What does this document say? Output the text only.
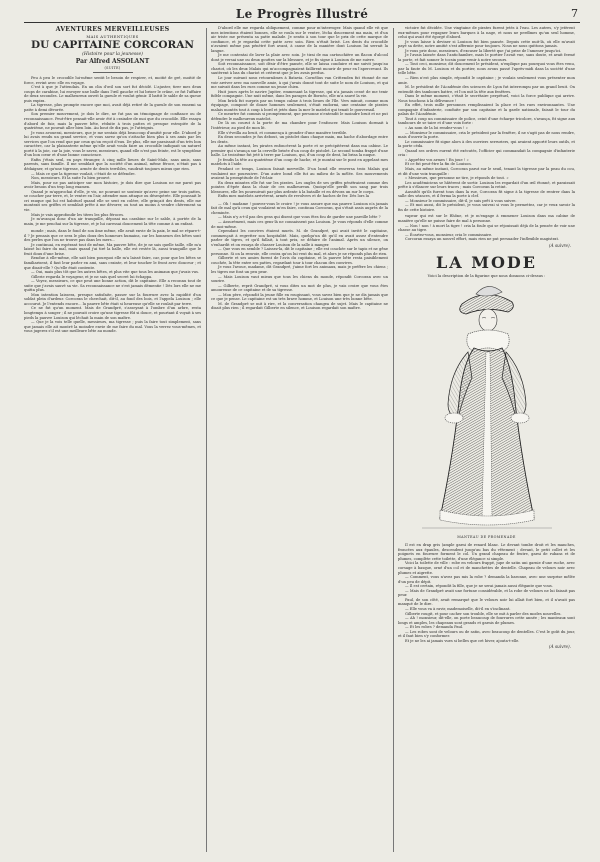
Le Progrès Illustré	7
AVENTURES MERVEILLEUSES
MAIS AUTHENTIQUES
DU CAPITAINE CORCORAN
(Histoire pour la jeunesse)
Par Alfred ASSOLANT
(SUITE)

Peu à peu le crocodile lui-même sentit le besoin de respirer, et, moitié de gré, moitié de force, revint avec elle en voyage.

C'est à que je l'attendais. En un clin d'œil son sort fut décidé. L'ajuster, tirer mes deux coups de carabine, lui envoyer une balle dans l'œil gauche et lui briser le crâne, ce fut l'affaire de deux secondes. Le malheureux ouvrit la gueule et voulut gémir. Il battit le sable de sa queue puis expira.

La tigresse, plus prompte encore que moi, avait déjà retiré de la gueule de son ennemi sa patte à demi dévorée.

Son premier mouvement, je dois le dire, ne fut pas un témoignage de confiance ou de reconnaissance. Peut-être pensait-elle avoir été à craindre de moi que du crocodile. Elle essaya d'abord de fuir, mais la pauvre bête, réduite à trois pattes et presque estropiée de la quatrième, ne pouvait aller bien loin. Au bout de dix pas, je l'atteignis.

Je vous avouerai, messieurs, que je me sentais déjà beaucoup d'amitié pour elle. D'abord je lui avais rendu un grand service, et vous savez qu'on s'attache bien plus à ses amis par les services que l'on rend que par ceux qu'on reçoit d'eux. De plus, elle me paraissait d'un très bon caractère, car la plaisanterie même qu'elle avait voulu faire au crocodile indiquait un naturel porté à la joie, car la joie, vous le savez, messieurs, quand elle n'est pas feinte, est le symptôme d'un bon cœur et d'une bonne conscience.

Enfin j'étais seul, en pays étranger, à cinq mille lieues de Saint-Malo, sans amis, sans parents, sans famille. Il me semblait que la société d'un animal, même féroce, n'était pas à dédaigner, et qu'une tigresse, armée de dents terribles, vaudrait toujours mieux que rien.

— Mais ce que la tigresse voulait, c'était de se défendre.

Non, messieurs. Et la suite l'a bien prouvé.

Mais, pour ne pas anticiper sur mon histoire, je dois dire que Louison ne me parut pas avoir besoin d'un trop long examen.

Quand je m'approchai d'elle, je vis, ne pouvant se soutenir qu'avec peine sur trois pattes, se coucher par terre, et, le ventre en l'air, attendre mon attaque ou désespérée. Elle poussait le cri rauque qui lui est habituel quand elle se sent en colère, elle grinçait des dents, elle me montrait ses griffes et semblait prête à me dévorer, ou tout au moins à vendre chèrement sa vie.

Mais je vais approfondir les titres les plus féroces.

Je m'avançai donc d'un air tranquille, déposai ma carabine sur le sable, à portée de la main, je me penchai sur la tigresse, et je lui caressai doucement la tête comme à un enfant.

monde ; mais, dans le fond de son âme même, elle avait envie de la paix, le mal se répare-t-il ? Je pensais que ce sera le plus doux des honneurs humains, car les honneurs des bêtes sont des perles que l'on ne trouve pas dans les mers...

Je continuai, en espérant tout de même, Ma pauvre bête, de je ne sais quelle taille, elle m'a laissé lui faire du mal, mais quand j'ai tiré la balle, elle est restée là, aussi tranquille que le fruit doux d'une brise.

Rendue à elle-même, elle sait bien pourquoi elle m'a laissé faire, car, pour que les bêtes se familiarisent, il faut leur parler en ami, sans crainte, et leur toucher le front avec douceur ; et que disait-elle ? Qu'elle était contente.

— Oui, mais plus tôt que les autres bêtes, et plus vite que tous les animaux que j'avais vus.

Gillerie regarda le voyageur, et je ne sais quel secret lui échappa.

— Voyez, messieurs, ce que peut une bonne action, dit le capitaine. Elle a reconnu tout de suite que j'avais sauvé sa vie. Sa reconnaissance ne s'est jamais démentie ! Dès lors elle ne me quitta plus.

Mon intention laissera, presque satisfaite, passer sur la fourrure avec la rapidité d'un soldat plein d'ardeur. Corcoran le cherchait, dit-il, au fond des bois, et l'appela Louison ; elle accourut. Je l'entends encore... la pauvre bête était si heureuse qu'elle se roulait par terre.

Ce ne fut qu'un moment. Mais de Grandpré, s'asseyant à l'ombre d'un arbre, resta longtemps à songer ; il ne pouvait croire qu'une tigresse fût si douce, et pourtant il voyait à ses pieds la pauvre Louison qui léchait la main de son maître.

— Que je la vois telle quelle, messieurs, ma tigresse ; puis la faire tout simplement, sans que jamais elle ait montré la moindre envie de me faire du mal. Vous la verrez vous-mêmes, et vous jugerez s'il est une meilleure bête au monde.

D'abord elle me regarda obliquement, comme pour m'interroger. Mais quand elle vit que mes intentions étaient bonnes, elle se roula sur le ventre, lécha doucement ma main, et d'un air triste me présenta sa patte malade. Je sentis à son tour que le prix de cette marque de confiance, et je regardai cette patte avec soin. Rien n'était brisé. Les dents du crocodile n'avaient même pas pénétré fort avant, à cause de la manière dont Louison lui serrait la langue.

Je me contentai de laver la plaie avec soin. Je tirai de ma cartouchière un flacon d'alcool dont je versai une ou deux gouttes sur la blessure, et je fis signe à Louison de me suivre.

Soit reconnaissance, soit désir d'être pansée, elle se laissa conduire et me suivit jusqu'au chariot, où les deux Malais qui m'accompagnaient faillirent mourir de peur en l'apercevant. Ils sautèrent à bas du chariot et crièrent que je les avais perdus.

Le jour suivant nous retournâmes à Batavia. Cornélius van Crittenden fut étonné de me voir arriver avec ma nouvelle amie, à qui j'avais donné tout de suite le nom de Louison, et qui me suivait dans les rues comme un jeune chien.

Huit jours après le navire Jupiter, emmenant la tigresse, qui n'a jamais cessé de me tenir fidèle compagnie. Une nuit même, dans les parages de Bornéo, elle m'a sauvé la vie.

Mon brick fut surpris par un temps calme à trois lieues de l'île. Vers minuit, comme mon équipage, composé de douze hommes seulement, s'était endormi, une centaine de pirates malais montés tout à coup à bord et jetés dans la mer le matelot qui tenait le gouvernail.

Ce meurtre fut commis si promptement, que personne n'entendit le moindre bruit et ne put défendre le malheureux matelot.

De là on courut à la porte de ma chambre pour l'enfoncer. Mais Louison dormait à l'intérieur, au pied de mon lit.

Elle s'éveilla au bruit, et commença à gronder d'une manière terrible.

En deux secondes je fus debout, un pistolet dans chaque main, ma hache d'abordage entre les dents.

Au même instant, les pirates enfoncèrent la porte et se précipitèrent dans ma cabine. Le premier qui s'avança sur la cervelle brisée d'un coup de pistolet. Le second tomba frappé d'une balle. Le troisième fut jeté à terre par Louison, qui, d'un coup de dent, lui brisa la nuque.

Je fendis la tête au quatrième d'un coup de hache, et je montai sur le pont en appelant mes matelots à l'aide.

Pendant ce temps, Louison faisait merveille. D'un bond elle renversa trois Malais qui voulaient me poursuivre. D'un autre bond elle fut au milieu de la mêlée. Ses mouvements avaient la promptitude de l'éclair.

En deux minutes elle fut sur les pirates. Les ongles de ses griffes pénétraient comme des pointes d'épée dans la chair de ces malheureux. Quoiqu'elle perdît son sang par trois blessures, elle les poursuivait par plus ardente à la bataille et en dévora un sur le corps.

Enfin mes matelots arrivèrent, armés de revolvers et de haches de fer. Dès lors la

— Oh ! madame ! pouvez-vous le croire ! je vous assure que ma pauvre Louison n'a jamais fait de mal qu'à ceux qui voulaient m'en faire, continua Corcoran, qui s'était assis auprès de la cheminée.

— Mais n'y a-t-il pas des gens qui disent que vous êtes fou de garder une pareille bête ?

— Assurément, mais ces gens-là ne connaissent pas Louison. Je vous réponds d'elle comme de moi-même.

Cependant les convives étaient muets. M. de Grandpré, qui avait invité le capitaine, commençait à regretter son hospitalité. Mais, quelqu'un dit qu'il en avait assez d'entendre parler de tigres, et qu'il fallait, à tout prix, se défaire de l'animal. Après un silence, on s'enhardit et on essaya de chasser Louison de la salle à manger.

— Que vous en semble ? Laissez-la, dit le capitaine ; elle est couchée sur le tapis et ne gêne personne. Si on la renvoie, elle croira qu'on lui veut du mal, et alors je ne réponds plus de rien.

Gilberte et ses amies furent de l'avis du capitaine, et la pauvre bête resta paisiblement couchée, la tête entre ses pattes, regardant tour à tour chacun des convives.

Je vous l'avoue, madame, dit Grandpré, j'aime fort les animaux, mais je préfère les chiens ; les tigres me font un peu peur.

— Mais Louison vaut mieux que tous les chiens du monde, répondit Corcoran avec un sourire.

— Gilberte, reprit Grandpré, si vous dites un mot de plus, je vais croire que vous êtes amoureuse de ce capitaine et de sa tigresse.

— Mon père, répondit la jeune fille en rougissant, vous savez bien que je ne dis jamais que ce que je pense. Le capitaine est un très brave homme, et Louison une très bonne bête.

M. de Grandpré se mit à rire, et la conversation changea de sujet. Mais le capitaine ne disait plus rien ; il regardait Gilberte en silence, et Louison regardait son maître.

victoire fut décidée. Une vingtaine de pirates furent jetés à l'eau. Les autres, s'y jetèrent eux-mêmes pour regagner leurs barques à la nage, et nous ne perdîmes qu'un seul homme, celui qui avait été égorgé d'abord.

Je vous laisse à deviner si Louison fut bien pansée. Depuis cette nuit-là, où elle m'avait payé sa dette, notre amitié s'est affermie pour toujours. Nous ne nous quittons jamais.

Je vous prie donc, messieurs, d'excuser la liberté que j'ai prise de l'amener jusqu'ici.

Je l'avais laissée dans l'antichambre, mais le portier l'avait vue, sans doute, et avait fermé la porte, et fait sonner le tocsin pour venir à notre secours.

— Tout ceci, monsieur, dit doucement le président, n'explique pas pourquoi vous êtes venu, par la faute du M. Louison et du portier, nous avons passé l'après-midi dans la société d'une telle bête.

— Rien n'est plus simple, répondit le capitaine ; je voulais seulement vous présenter mon amie.

M. le président de l'Académie des sciences de Lyon fut interrompu par un grand bruit. On entendit des tambours battre, et l'on mit la tête aux fenêtres.

Dans le même moment, c'était le secrétaire perpétuel, voici la force publique qui arrive. Nous touchons à la délivrance !

En effet, trois mille personnes remplissaient la place et les rues environnantes. Une compagnie d'infanterie, conduite par son capitaine et la garde nationale, faisait le tour du palais de l'Académie.

Tout à coup un commissaire de police, ceint d'une écharpe tricolore, s'avança, fit signe aux tambours de se taire et d'une voix forte :

« Au nom de la loi rendez-vous ! »

— Monsieur le commissaire, cria le président par la fenêtre, il ne s'agit pas de nous rendre, mais d'ouvrir la porte.

Le commissaire fit signe alors à des ouvriers serruriers, qui avaient apporté leurs outils, et la porte céda.

Quand ses ordres eurent été exécutés, l'officier qui commandait la compagnie d'infanterie cria :

« Apprêtez vos armes ! En joue ! »

Et ce fut peut-être la fin de Louison.

Mais, au même instant, Corcoran parut sur le seuil, tenant la tigresse par la peau du cou, et dit d'une voix tranquille :

« Messieurs, que personne ne tire, je réponds de tout. »

Les académiciens se hâtèrent de sortir. Louison les regardait d'un œil étonné, et paraissait prête à s'élancer sur leurs traces ; mais Corcoran la retint.

Aussitôt qu'ils furent tous dans la rue, Corcoran fit signe à la tigresse de rentrer dans la salle des séances, et il ferma la porte à clef.

— Monsieur le commissaire, dit-il, je suis prêt à vous suivre.

— Et moi aussi, dit le président, je vous suivrai si vous le permettez, car je veux savoir la fin de cette histoire.

vapeur qui est sur le Rhône, et je m'engage à emmener Louison dans ma cabine de manière qu'elle ne puisse faire de mal à personne.

— Non ! non ! à mort la tigre ! cria la foule qui se réjouissait déjà de la pensée de voir une chasse au tigre.

— Écartez-vous, monsieur, cria le commissaire.

Corcoran essaya un nouvel effort, mais rien ne put persuader l'inflexible magistrat.

(A suivre).
LA MODE
Voici la description de la figurine que nous donnons ci-dessus :
MANTEAU DE PROMENADE

Il est en drap gris (ample garni de renard blanc. Le devant tombe droit et les manches, froncées aux épaules, descendent jusqu'au bas du vêtement ; devant, le petit collet et les poignets en fourrure forment le col. Un grand chapeau de feutre, garni de rubans et de plumes, complète cette toilette, d'une élégance si simple.

Voici la toilette de ville : robe en velours frappé, jupe de satin uni garnie d'une ruche, avec corsage à basque, orné d'un col et de manchettes de dentelle. Chapeau de velours noir avec plumes et aigrette.

— Comment, vous n'avez pas mis la robe ? demanda la baronne, avec une surprise mêlée d'un peu de dépit.

— Il est certain, répondit la fille, que je ne serai jamais aussi élégante que vous.

— Mais de Grandpré avait une fortune considérable, et la robe de velours ne lui faisait pas peur.

Paul, de son côté, avait remarqué que le velours noir lui allait fort bien, et il n'avait pas manqué de le dire.

— Elle vous va à ravir, mademoiselle, dit-il en s'inclinant.

Gilberte rougit, et pour cacher son trouble, elle se mit à parler des modes nouvelles.

— Ah ! monsieur, dit-elle, on porte beaucoup de fourrures cette année ; les manteaux sont longs et amples, les chapeaux sont grands et garnis de plumes.

— Et les robes ? demanda Paul.

— Les robes sont de velours ou de satin, avec beaucoup de dentelles. C'est le goût du jour, et il faut bien s'y conformer.

Et je ne les ai jamais vues si belles que cet hiver, ajouta-t-elle.

(A suivre).
